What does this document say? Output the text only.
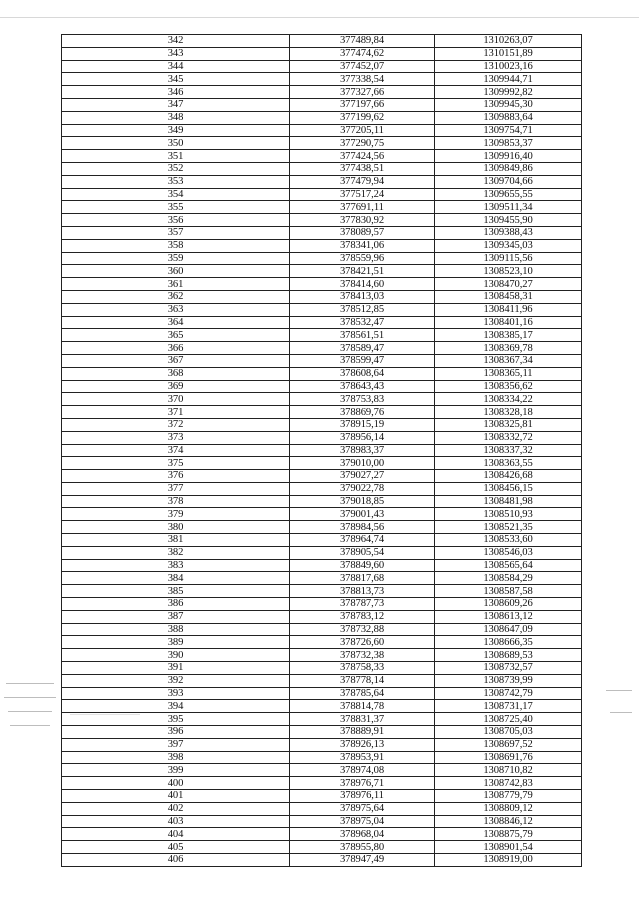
342	377489,84	1310263,07
343	377474,62	1310151,89
344	377452,07	1310023,16
345	377338,54	1309944,71
346	377327,66	1309992,82
347	377197,66	1309945,30
348	377199,62	1309883,64
349	377205,11	1309754,71
350	377290,75	1309853,37
351	377424,56	1309916,40
352	377438,51	1309849,86
353	377479,94	1309704,66
354	377517,24	1309655,55
355	377691,11	1309511,34
356	377830,92	1309455,90
357	378089,57	1309388,43
358	378341,06	1309345,03
359	378559,96	1309115,56
360	378421,51	1308523,10
361	378414,60	1308470,27
362	378413,03	1308458,31
363	378512,85	1308411,96
364	378532,47	1308401,16
365	378561,51	1308385,17
366	378589,47	1308369,78
367	378599,47	1308367,34
368	378608,64	1308365,11
369	378643,43	1308356,62
370	378753,83	1308334,22
371	378869,76	1308328,18
372	378915,19	1308325,81
373	378956,14	1308332,72
374	378983,37	1308337,32
375	379010,00	1308363,55
376	379027,27	1308426,68
377	379022,78	1308456,15
378	379018,85	1308481,98
379	379001,43	1308510,93
380	378984,56	1308521,35
381	378964,74	1308533,60
382	378905,54	1308546,03
383	378849,60	1308565,64
384	378817,68	1308584,29
385	378813,73	1308587,58
386	378787,73	1308609,26
387	378783,12	1308613,12
388	378732,88	1308647,09
389	378726,60	1308666,35
390	378732,38	1308689,53
391	378758,33	1308732,57
392	378778,14	1308739,99
393	378785,64	1308742,79
394	378814,78	1308731,17
395	378831,37	1308725,40
396	378889,91	1308705,03
397	378926,13	1308697,52
398	378953,91	1308691,76
399	378974,08	1308710,82
400	378976,71	1308742,83
401	378976,11	1308779,79
402	378975,64	1308809,12
403	378975,04	1308846,12
404	378968,04	1308875,79
405	378955,80	1308901,54
406	378947,49	1308919,00
